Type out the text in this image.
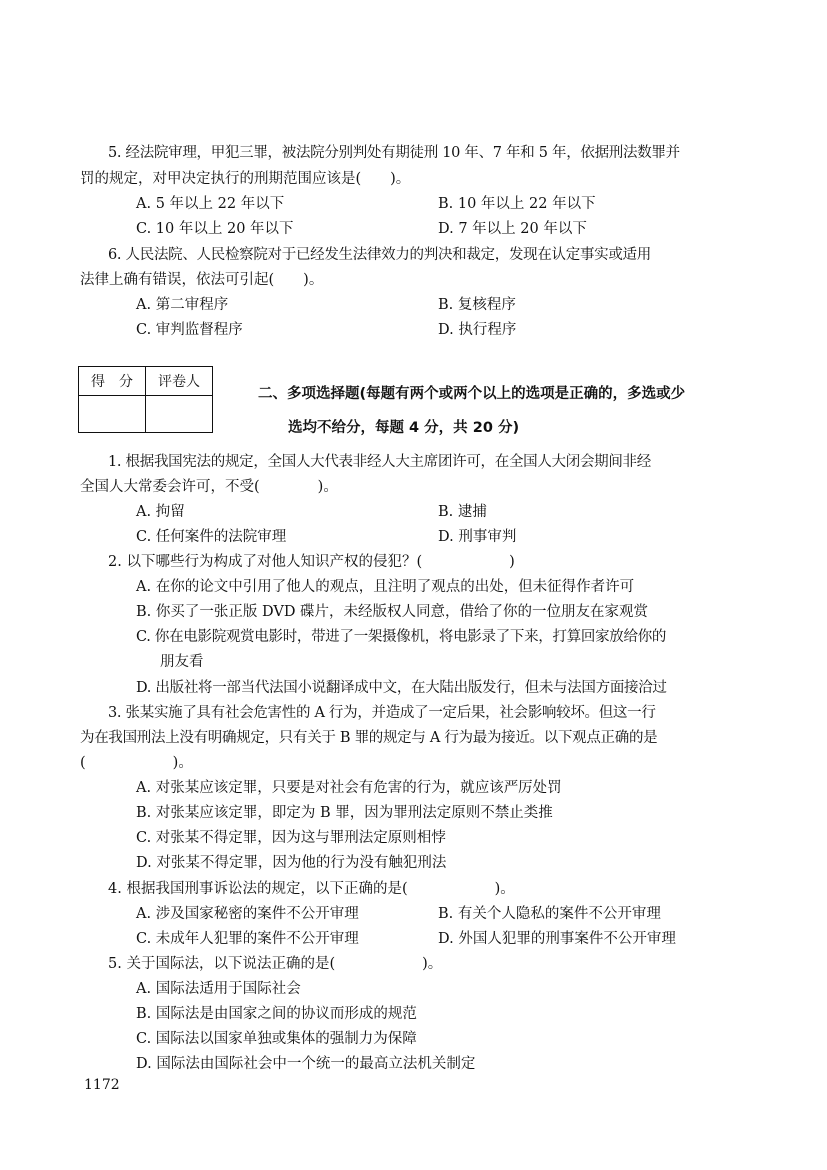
5. 经法院审理，甲犯三罪，被法院分别判处有期徒刑 10 年、7 年和 5 年，依据刑法数罪并
罚的规定，对甲决定执行的刑期范围应该是(　　)。
A. 5 年以上 22 年以下	B. 10 年以上 22 年以下
C. 10 年以上 20 年以下	D. 7 年以上 20 年以下
6. 人民法院、人民检察院对于已经发生法律效力的判决和裁定，发现在认定事实或适用
法律上确有错误，依法可引起(　　)。
A. 第二审程序	B. 复核程序
C. 审判监督程序	D. 执行程序
得　分	评卷人

二、多项选择题(每题有两个或两个以上的选项是正确的，多选或少
选均不给分，每题 4 分，共 20 分)
1. 根据我国宪法的规定，全国人大代表非经人大主席团许可，在全国人大闭会期间非经
全国人大常委会许可，不受(　　　　)。
A. 拘留	B. 逮捕
C. 任何案件的法院审理	D. 刑事审判
2. 以下哪些行为构成了对他人知识产权的侵犯？(　　　　　　)
A. 在你的论文中引用了他人的观点，且注明了观点的出处，但未征得作者许可
B. 你买了一张正版 DVD 碟片，未经版权人同意，借给了你的一位朋友在家观赏
C. 你在电影院观赏电影时，带进了一架摄像机，将电影录了下来，打算回家放给你的
朋友看
D. 出版社将一部当代法国小说翻译成中文，在大陆出版发行，但未与法国方面接洽过
3. 张某实施了具有社会危害性的 A 行为，并造成了一定后果，社会影响较坏。但这一行
为在我国刑法上没有明确规定，只有关于 B 罪的规定与 A 行为最为接近。以下观点正确的是
(　　　　　　)。
A. 对张某应该定罪，只要是对社会有危害的行为，就应该严厉处罚
B. 对张某应该定罪，即定为 B 罪，因为罪刑法定原则不禁止类推
C. 对张某不得定罪，因为这与罪刑法定原则相悖
D. 对张某不得定罪，因为他的行为没有触犯刑法
4. 根据我国刑事诉讼法的规定，以下正确的是(　　　　　　)。
A. 涉及国家秘密的案件不公开审理	B. 有关个人隐私的案件不公开审理
C. 未成年人犯罪的案件不公开审理	D. 外国人犯罪的刑事案件不公开审理
5. 关于国际法，以下说法正确的是(　　　　　　)。
A. 国际法适用于国际社会
B. 国际法是由国家之间的协议而形成的规范
C. 国际法以国家单独或集体的强制力为保障
D. 国际法由国际社会中一个统一的最高立法机关制定
1172
